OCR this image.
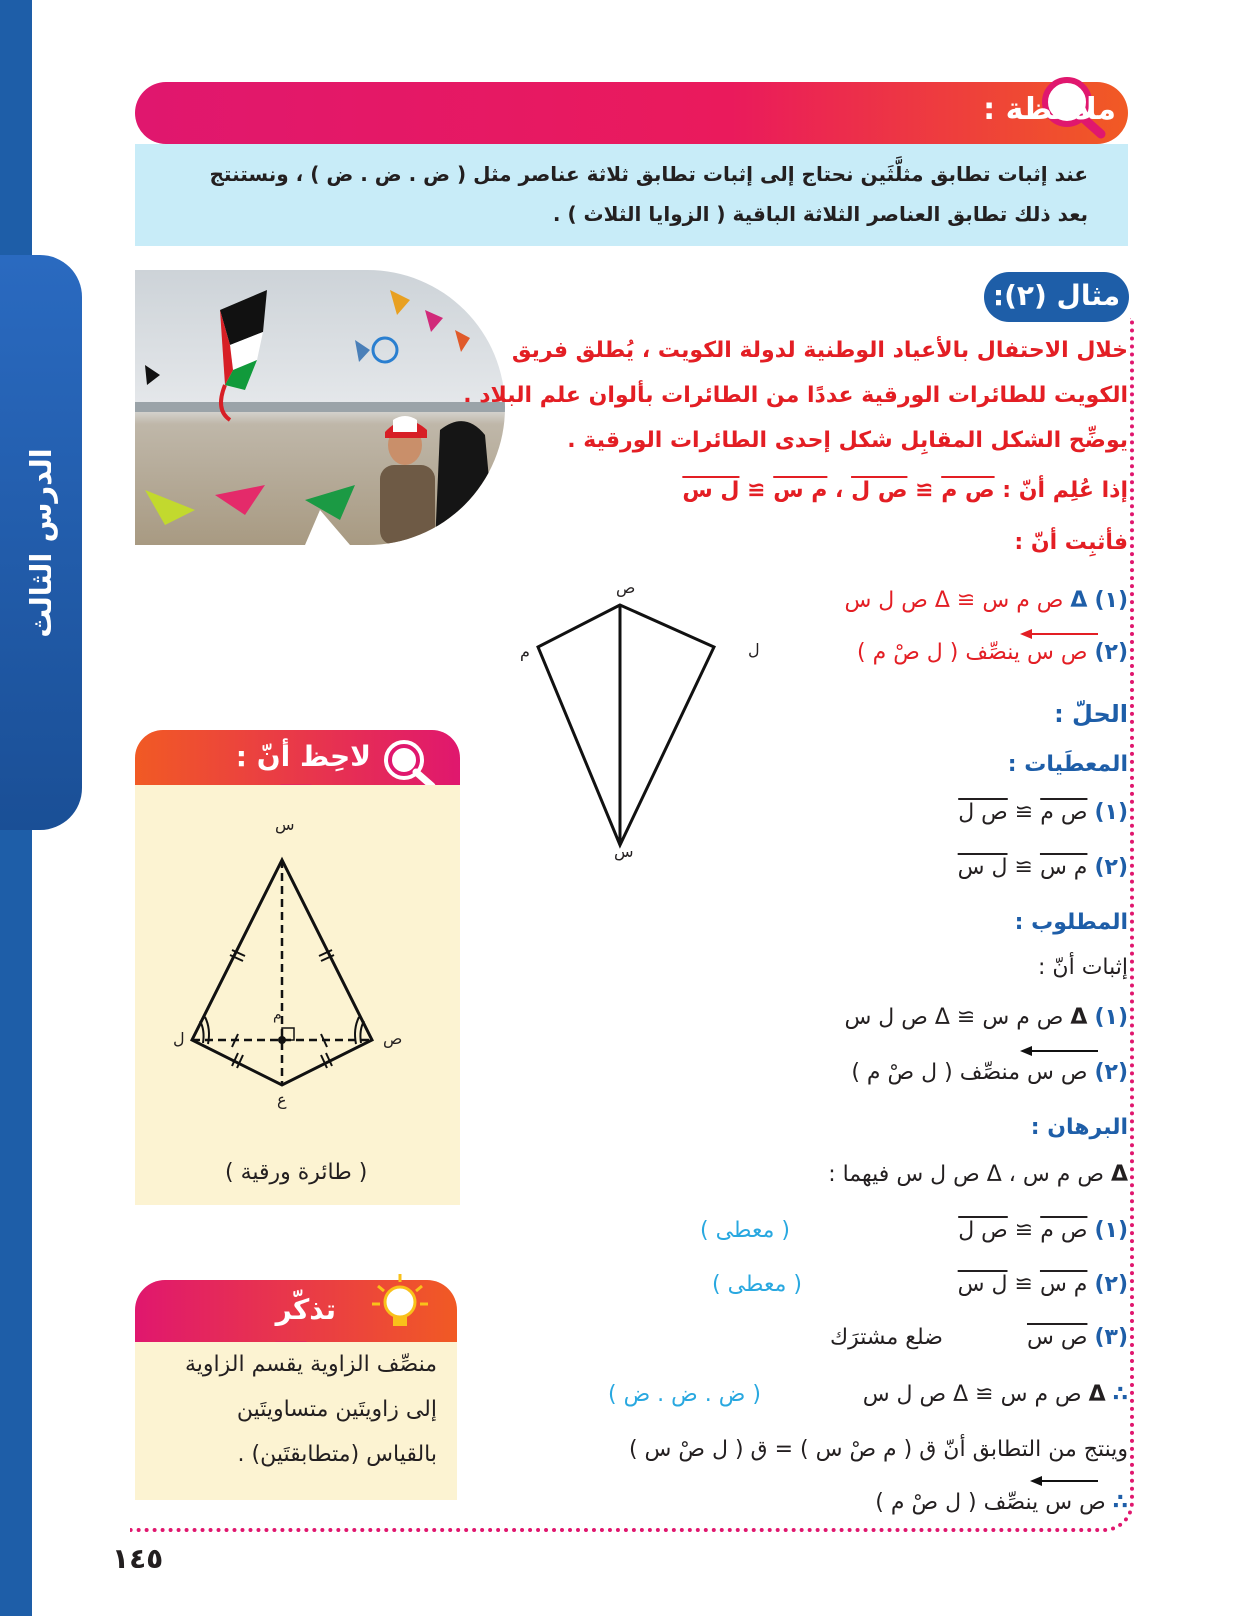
الدرس الثالث
ملاحظة :
عند إثبات تطابق مثلَّثَين نحتاج إلى إثبات تطابق ثلاثة عناصر مثل ( ض . ض . ض ) ، ونستنتج
بعد ذلك تطابق العناصر الثلاثة الباقية ( الزوايا الثلاث ) .
مثال (٢):
خلال الاحتفال بالأعياد الوطنية لدولة الكويت ، يُطلق فريق
الكويت للطائرات الورقية عددًا من الطائرات بألوان علم البلاد .
يوضِّح الشكل المقابِل شكل إحدى الطائرات الورقية .
إذا عُلِم أنّ : ص م ≅ ص ل ، م س ≅ ل س
فأثبِت أنّ :
(١) Δ ص م س ≅ Δ ص ل س
(٢) ص س ينصِّف ( ل صْ م )
ص
م	ل
س
الحلّ :
المعطَيات :
(١) ص م ≅ ص ل
(٢) م س ≅ ل س
المطلوب :
إثبات أنّ :
(١) Δ ص م س ≅ Δ ص ل س
(٢) ص س منصِّف ( ل صْ م )
البرهان :
Δ ص م س ، Δ ص ل س فيهما :
(١) ص م ≅ ص ل
( معطى )
(٢) م س ≅ ل س
( معطى )
(٣) ص س  ضلع مشترَك
∴ Δ ص م س ≅ Δ ص ل س
( ض . ض . ض )
وينتج من التطابق أنّ ق ( م صْ س ) = ق ( ل صْ س )
∴ ص س ينصِّف ( ل صْ م )
لاحِظ أنّ :
س
ل	ص
م
ع
( طائرة ورقية )
تذكّر
منصِّف الزاوية يقسم الزاوية
إلى زاويتَين متساويتَين
بالقياس (متطابقتَين) .
١٤٥
